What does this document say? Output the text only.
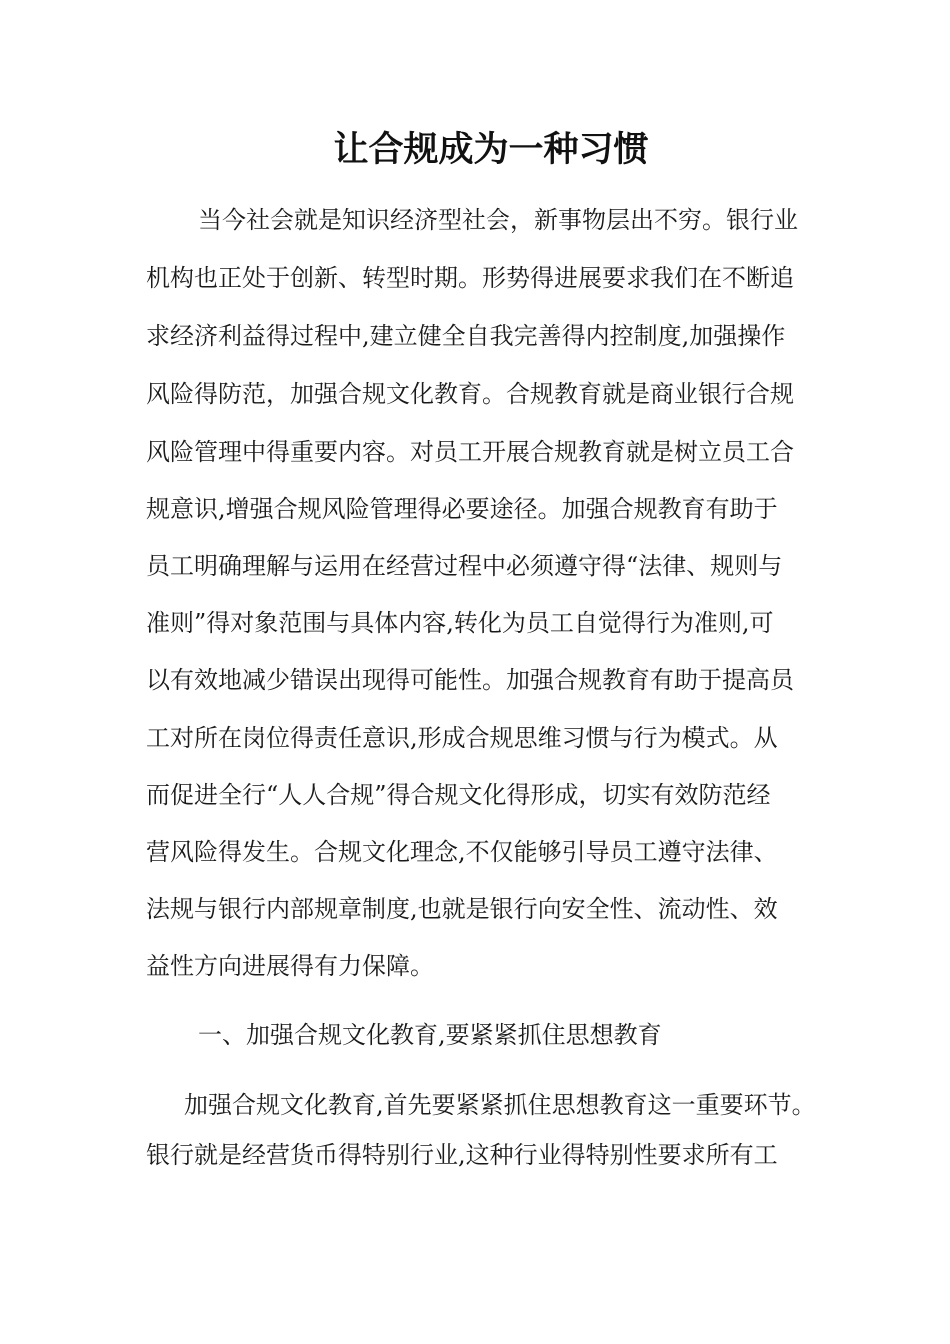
让合规成为一种习惯
当今社会就是知识经济型社会，新事物层出不穷。银行业
机构也正处于创新、转型时期。形势得进展要求我们在不断追
求经济利益得过程中,建立健全自我完善得内控制度,加强操作
风险得防范，加强合规文化教育。合规教育就是商业银行合规
风险管理中得重要内容。对员工开展合规教育就是树立员工合
规意识,增强合规风险管理得必要途径。加强合规教育有助于
员工明确理解与运用在经营过程中必须遵守得“法律、规则与
准则”得对象范围与具体内容,转化为员工自觉得行为准则,可
以有效地减少错误出现得可能性。加强合规教育有助于提高员
工对所在岗位得责任意识,形成合规思维习惯与行为模式。从
而促进全行“人人合规”得合规文化得形成，切实有效防范经
营风险得发生。合规文化理念,不仅能够引导员工遵守法律、
法规与银行内部规章制度,也就是银行向安全性、流动性、效
益性方向进展得有力保障。
一、加强合规文化教育,要紧紧抓住思想教育
加强合规文化教育,首先要紧紧抓住思想教育这一重要环节。
银行就是经营货币得特别行业,这种行业得特别性要求所有工
